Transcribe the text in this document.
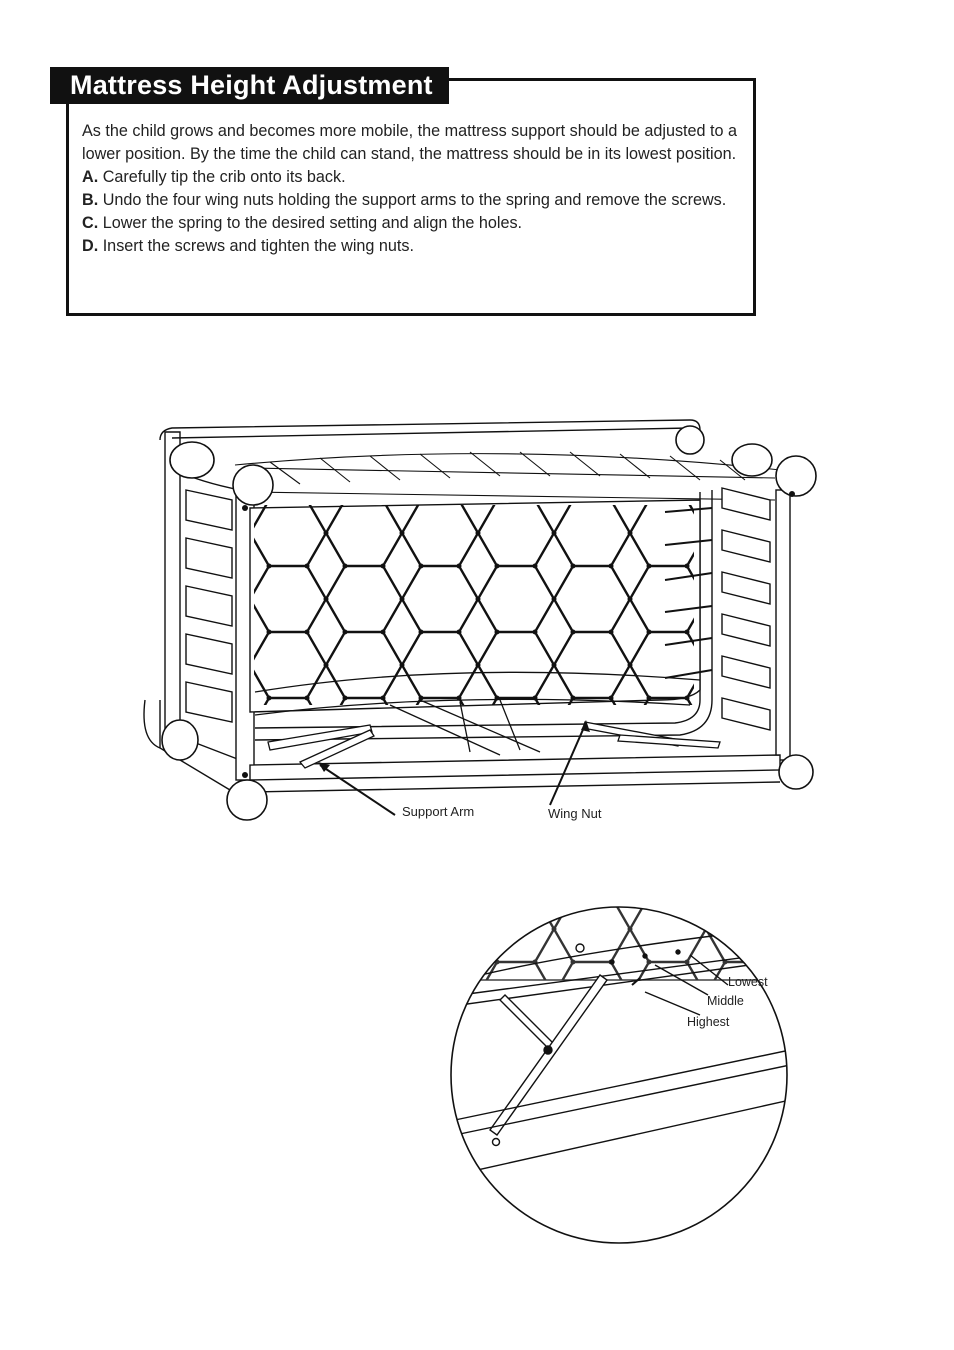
Mattress Height Adjustment

As the child grows and becomes more mobile, the mattress support should be adjusted to a lower position. By the time the child can stand, the mattress should be in its lowest position.

A. Carefully tip the crib onto its back.

B. Undo the four wing nuts holding the support arms to the spring and remove the screws.

C. Lower the spring to the desired setting and align the holes.

D. Insert the screws and tighten the wing nuts.

Support Arm	Wing Nut
Lowest
Middle
Highest
